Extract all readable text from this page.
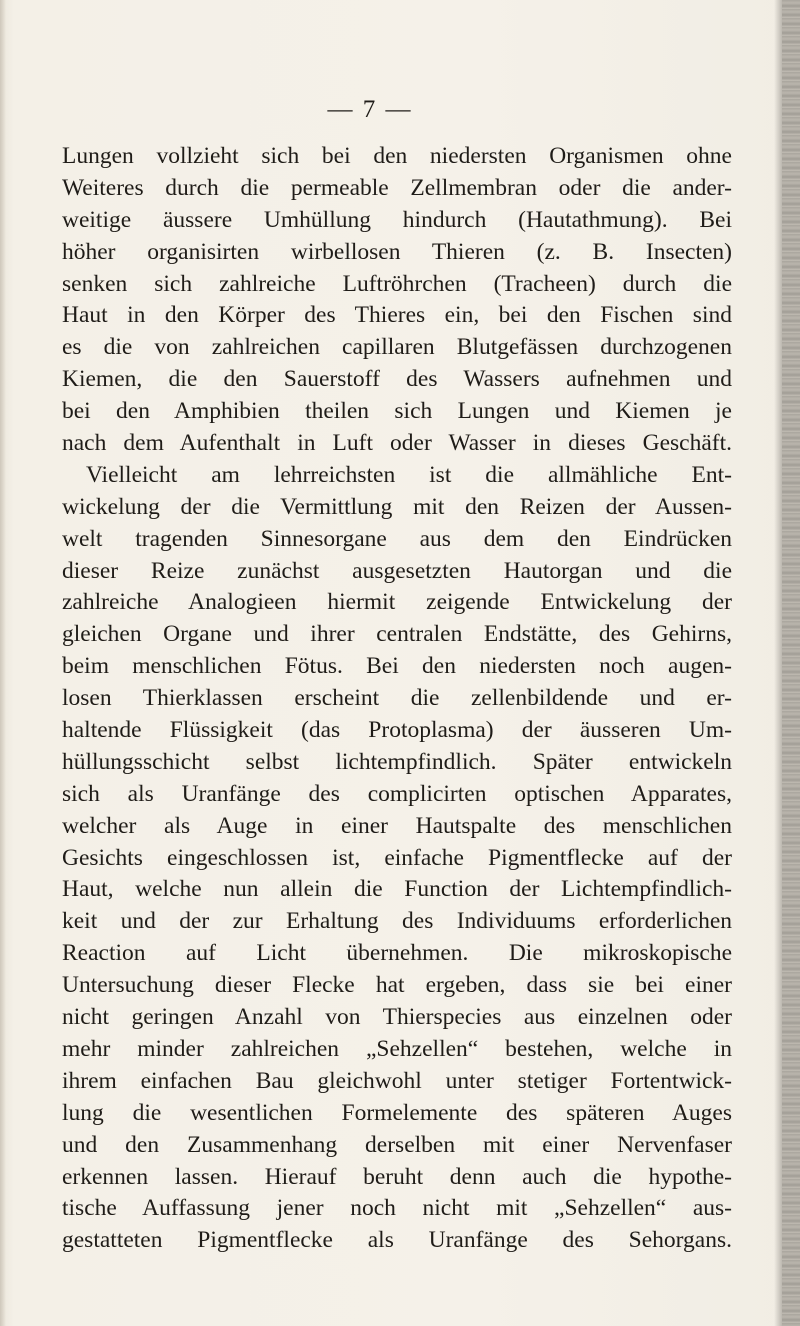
— 7 —
Lungen vollzieht sich bei den niedersten Organismen ohne
Weiteres durch die permeable Zellmembran oder die ander-
weitige äussere Umhüllung hindurch (Hautathmung). Bei
höher organisirten wirbellosen Thieren (z. B. Insecten)
senken sich zahlreiche Luftröhrchen (Tracheen) durch die
Haut in den Körper des Thieres ein, bei den Fischen sind
es die von zahlreichen capillaren Blutgefässen durchzogenen
Kiemen, die den Sauerstoff des Wassers aufnehmen und
bei den Amphibien theilen sich Lungen und Kiemen je
nach dem Aufenthalt in Luft oder Wasser in dieses Geschäft.
Vielleicht am lehrreichsten ist die allmähliche Ent-
wickelung der die Vermittlung mit den Reizen der Aussen-
welt tragenden Sinnesorgane aus dem den Eindrücken
dieser Reize zunächst ausgesetzten Hautorgan und die
zahlreiche Analogieen hiermit zeigende Entwickelung der
gleichen Organe und ihrer centralen Endstätte, des Gehirns,
beim menschlichen Fötus. Bei den niedersten noch augen-
losen Thierklassen erscheint die zellenbildende und er-
haltende Flüssigkeit (das Protoplasma) der äusseren Um-
hüllungsschicht selbst lichtempfindlich. Später entwickeln
sich als Uranfänge des complicirten optischen Apparates,
welcher als Auge in einer Hautspalte des menschlichen
Gesichts eingeschlossen ist, einfache Pigmentflecke auf der
Haut, welche nun allein die Function der Lichtempfindlich-
keit und der zur Erhaltung des Individuums erforderlichen
Reaction auf Licht übernehmen. Die mikroskopische
Untersuchung dieser Flecke hat ergeben, dass sie bei einer
nicht geringen Anzahl von Thierspecies aus einzelnen oder
mehr minder zahlreichen „Sehzellen“ bestehen, welche in
ihrem einfachen Bau gleichwohl unter stetiger Fortentwick-
lung die wesentlichen Formelemente des späteren Auges
und den Zusammenhang derselben mit einer Nervenfaser
erkennen lassen. Hierauf beruht denn auch die hypothe-
tische Auffassung jener noch nicht mit „Sehzellen“ aus-
gestatteten Pigmentflecke als Uranfänge des Sehorgans.
